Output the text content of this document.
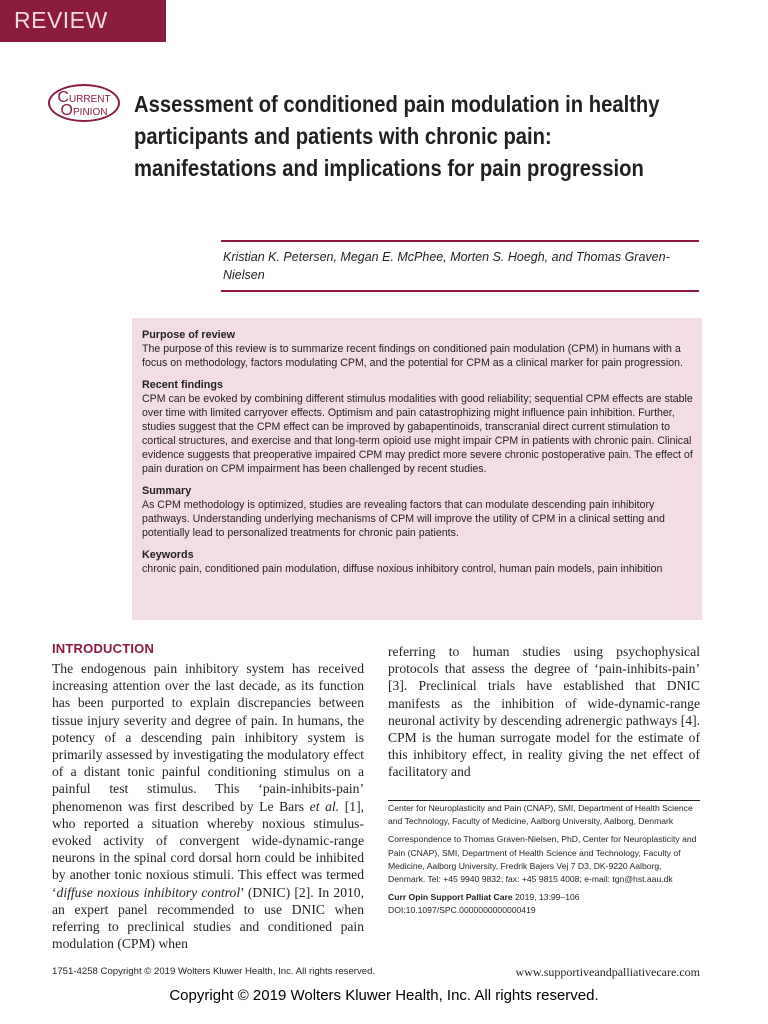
REVIEW
CURRENT
OPINION	Assessment of conditioned pain modulation in healthy participants and patients with chronic pain: manifestations and implications for pain progression
Kristian K. Petersen, Megan E. McPhee, Morten S. Hoegh, and Thomas Graven-Nielsen
Purpose of review

The purpose of this review is to summarize recent findings on conditioned pain modulation (CPM) in humans with a focus on methodology, factors modulating CPM, and the potential for CPM as a clinical marker for pain progression.

Recent findings

CPM can be evoked by combining different stimulus modalities with good reliability; sequential CPM effects are stable over time with limited carryover effects. Optimism and pain catastrophizing might influence pain inhibition. Further, studies suggest that the CPM effect can be improved by gabapentinoids, transcranial direct current stimulation to cortical structures, and exercise and that long-term opioid use might impair CPM in patients with chronic pain. Clinical evidence suggests that preoperative impaired CPM may predict more severe chronic postoperative pain. The effect of pain duration on CPM impairment has been challenged by recent studies.

Summary

As CPM methodology is optimized, studies are revealing factors that can modulate descending pain inhibitory pathways. Understanding underlying mechanisms of CPM will improve the utility of CPM in a clinical setting and potentially lead to personalized treatments for chronic pain patients.

Keywords

chronic pain, conditioned pain modulation, diffuse noxious inhibitory control, human pain models, pain inhibition

INTRODUCTION
The endogenous pain inhibitory system has received increasing attention over the last decade, as its function has been purported to explain discrepancies between tissue injury severity and degree of pain. In humans, the potency of a descending pain inhibitory system is primarily assessed by investigating the modulatory effect of a distant tonic painful conditioning stimulus on a painful test stimulus. This ‘pain-inhibits-pain’ phenomenon was first described by Le Bars et al. [1], who reported a situation whereby noxious stimulus-evoked activity of convergent wide-dynamic-range neurons in the spinal cord dorsal horn could be inhibited by another tonic noxious stimuli. This effect was termed ‘diffuse noxious inhibitory control’ (DNIC) [2]. In 2010, an expert panel recommended to use DNIC when referring to preclinical studies and conditioned pain modulation (CPM) when
referring to human studies using psychophysical protocols that assess the degree of ‘pain-inhibits-pain’ [3]. Preclinical trials have established that DNIC manifests as the inhibition of wide-dynamic-range neuronal activity by descending adrenergic pathways [4]. CPM is the human surrogate model for the estimate of this inhibitory effect, in reality giving the net effect of facilitatory and

Center for Neuroplasticity and Pain (CNAP), SMI, Department of Health Science and Technology, Faculty of Medicine, Aalborg University, Aalborg, Denmark

Correspondence to Thomas Graven-Nielsen, PhD, Center for Neuroplasticity and Pain (CNAP), SMI, Department of Health Science and Technology, Faculty of Medicine, Aalborg University, Fredrik Bajers Vej 7 D3, DK-9220 Aalborg, Denmark. Tel: +45 9940 9832; fax: +45 9815 4008; e-mail: tgn@hst.aau.dk

Curr Opin Support Palliat Care 2019, 13:99–106
DOI:10.1097/SPC.0000000000000419

1751-4258 Copyright © 2019 Wolters Kluwer Health, Inc. All rights reserved.	www.supportiveandpalliativecare.com
Copyright © 2019 Wolters Kluwer Health, Inc. All rights reserved.
